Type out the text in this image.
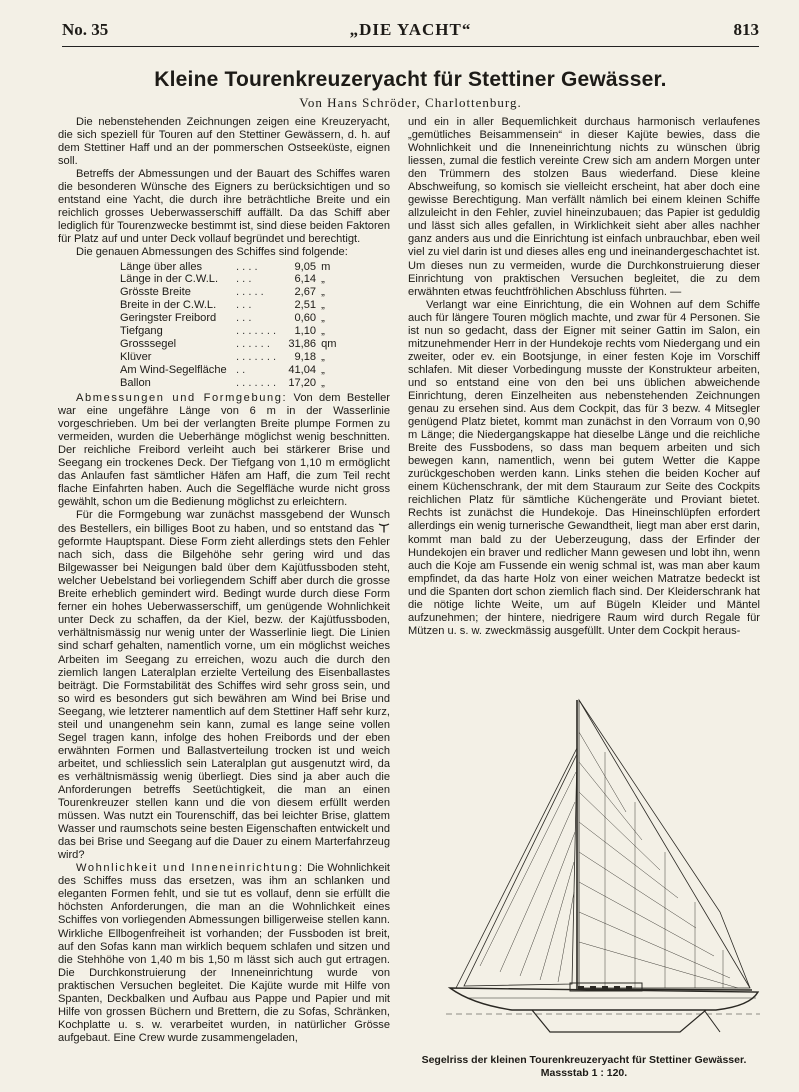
No. 35	„DIE YACHT“	813
Kleine Tourenkreuzeryacht für Stettiner Gewässer.
Von Hans Schröder, Charlottenburg.

Die nebenstehenden Zeichnungen zeigen eine Kreuzeryacht, die sich speziell für Touren auf den Stettiner Gewässern, d. h. auf dem Stettiner Haff und an der pommerschen Ostseeküste, eignen soll.

Betreffs der Abmessungen und der Bauart des Schiffes waren die besonderen Wünsche des Eigners zu berücksichtigen und so entstand eine Yacht, die durch ihre beträchtliche Breite und ein reichlich grosses Ueberwasserschiff auffällt. Da das Schiff aber lediglich für Tourenzwecke bestimmt ist, sind diese beiden Faktoren für Platz auf und unter Deck vollauf begründet und berechtigt.

Die genauen Abmessungen des Schiffes sind folgende:

Länge über alles	. . . .	9,05	m
Länge in der C.W.L.	. . .	6,14	„
Grösste Breite	. . . . .	2,67	„
Breite in der C.W.L.	. . .	2,51	„
Geringster Freibord	. . .	0,60	„
Tiefgang	. . . . . . .	1,10	„
Grosssegel	. . . . . .	31,86	qm
Klüver	. . . . . . .	9,18	„
Am Wind-Segelfläche	. .	41,04	„
Ballon	. . . . . . .	17,20	„

Abmessungen und Formgebung: Von dem Besteller war eine ungefähre Länge von 6 m in der Wasserlinie vorgeschrieben. Um bei der verlangten Breite plumpe Formen zu vermeiden, wurden die Ueberhänge möglichst wenig beschnitten. Der reichliche Freibord verleiht auch bei stärkerer Brise und Seegang ein trockenes Deck. Der Tiefgang von 1,10 m ermöglicht das Anlaufen fast sämtlicher Häfen am Haff, die zum Teil recht flache Einfahrten haben. Auch die Segelfläche wurde nicht gross gewählt, schon um die Bedienung möglichst zu erleichtern.

Für die Formgebung war zunächst massgebend der Wunsch des Bestellers, ein billiges Boot zu haben, und so entstand das  geformte Hauptspant. Diese Form zieht allerdings stets den Fehler nach sich, dass die Bilgehöhe sehr gering wird und das Bilgewasser bei Neigungen bald über dem Kajütfussboden steht, welcher Uebelstand bei vorliegendem Schiff aber durch die grosse Breite erheblich gemindert wird. Bedingt wurde durch diese Form ferner ein hohes Ueberwasserschiff, um genügende Wohnlichkeit unter Deck zu schaffen, da der Kiel, bezw. der Kajütfussboden, verhältnismässig nur wenig unter der Wasserlinie liegt. Die Linien sind scharf gehalten, namentlich vorne, um ein möglichst weiches Arbeiten im Seegang zu erreichen, wozu auch die durch den ziemlich langen Lateralplan erzielte Verteilung des Eisenballastes beiträgt. Die Formstabilität des Schiffes wird sehr gross sein, und so wird es besonders gut sich bewähren am Wind bei Brise und Seegang, wie letzterer namentlich auf dem Stettiner Haff sehr kurz, steil und unangenehm sein kann, zumal es lange seine vollen Segel tragen kann, infolge des hohen Freibords und der eben erwähnten Formen und Ballastverteilung trocken ist und weich arbeitet, und schliesslich sein Lateralplan gut ausgenutzt wird, da es verhältnismässig wenig überliegt. Dies sind ja aber auch die Anforderungen betreffs Seetüchtigkeit, die man an einen Tourenkreuzer stellen kann und die von diesem erfüllt werden müssen. Was nutzt ein Tourenschiff, das bei leichter Brise, glattem Wasser und raumschots seine besten Eigenschaften entwickelt und das bei Brise und Seegang auf die Dauer zu einem Marterfahrzeug wird?

Wohnlichkeit und Inneneinrichtung: Die Wohnlichkeit des Schiffes muss das ersetzen, was ihm an schlanken und eleganten Formen fehlt, und sie tut es vollauf, denn sie erfüllt die höchsten Anforderungen, die man an die Wohnlichkeit eines Schiffes von vorliegenden Abmessungen billigerweise stellen kann. Wirkliche Ellbogenfreiheit ist vorhanden; der Fussboden ist breit, auf den Sofas kann man wirklich bequem schlafen und sitzen und die Stehhöhe von 1,40 m bis 1,50 m lässt sich auch gut ertragen. Die Durchkonstruierung der Inneneinrichtung wurde von praktischen Versuchen begleitet. Die Kajüte wurde mit Hilfe von Spanten, Deckbalken und Aufbau aus Pappe und Papier und mit Hilfe von grossen Büchern und Brettern, die zu Sofas, Schränken, Kochplatte u. s. w. verarbeitet wurden, in natürlicher Grösse aufgebaut. Eine Crew wurde zusammengeladen,

und ein in aller Bequemlichkeit durchaus harmonisch verlaufenes „gemütliches Beisammensein“ in dieser Kajüte bewies, dass die Wohnlichkeit und die Inneneinrichtung nichts zu wünschen übrig liessen, zumal die festlich vereinte Crew sich am andern Morgen unter den Trümmern des stolzen Baus wiederfand. Diese kleine Abschweifung, so komisch sie vielleicht erscheint, hat aber doch eine gewisse Berechtigung. Man verfällt nämlich bei einem kleinen Schiffe allzuleicht in den Fehler, zuviel hineinzubauen; das Papier ist geduldig und lässt sich alles gefallen, in Wirklichkeit sieht aber alles nachher ganz anders aus und die Einrichtung ist einfach unbrauchbar, eben weil viel zu viel darin ist und dieses alles eng und ineinandergeschachtet ist. Um dieses nun zu vermeiden, wurde die Durchkonstruierung dieser Einrichtung von praktischen Versuchen begleitet, die zu dem erwähnten etwas feuchtfröhlichen Abschluss führten. —

Verlangt war eine Einrichtung, die ein Wohnen auf dem Schiffe auch für längere Touren möglich machte, und zwar für 4 Personen. Sie ist nun so gedacht, dass der Eigner mit seiner Gattin im Salon, ein mitzunehmender Herr in der Hundekoje rechts vom Niedergang und ein zweiter, oder ev. ein Bootsjunge, in einer festen Koje im Vorschiff schlafen. Mit dieser Vorbedingung musste der Konstrukteur arbeiten, und so entstand eine von den bei uns üblichen abweichende Einrichtung, deren Einzelheiten aus nebenstehenden Zeichnungen genau zu ersehen sind. Aus dem Cockpit, das für 3 bezw. 4 Mitsegler genügend Platz bietet, kommt man zunächst in den Vorraum von 0,90 m Länge; die Niedergangskappe hat dieselbe Länge und die reichliche Breite des Fussbodens, so dass man bequem arbeiten und sich bewegen kann, namentlich, wenn bei gutem Wetter die Kappe zurückgeschoben werden kann. Links stehen die beiden Kocher auf einem Küchenschrank, der mit dem Stauraum zur Seite des Cockpits reichlichen Platz für sämtliche Küchengeräte und Proviant bietet. Rechts ist zunächst die Hundekoje. Das Hineinschlüpfen erfordert allerdings ein wenig turnerische Gewandtheit, liegt man aber erst darin, kommt man bald zu der Ueberzeugung, dass der Erfinder der Hundekojen ein braver und redlicher Mann gewesen und lobt ihn, wenn auch die Koje am Fussende ein wenig schmal ist, was man aber kaum empfindet, da das harte Holz von einer weichen Matratze bedeckt ist und die Spanten dort schon ziemlich flach sind. Der Kleiderschrank hat die nötige lichte Weite, um auf Bügeln Kleider und Mäntel aufzunehmen; der hintere, niedrigere Raum wird durch Regale für Mützen u. s. w. zweckmässig ausgefüllt. Unter dem Cockpit heraus-

Segelriss der kleinen Tourenkreuzeryacht für Stettiner Gewässer.
Massstab 1 : 120.
